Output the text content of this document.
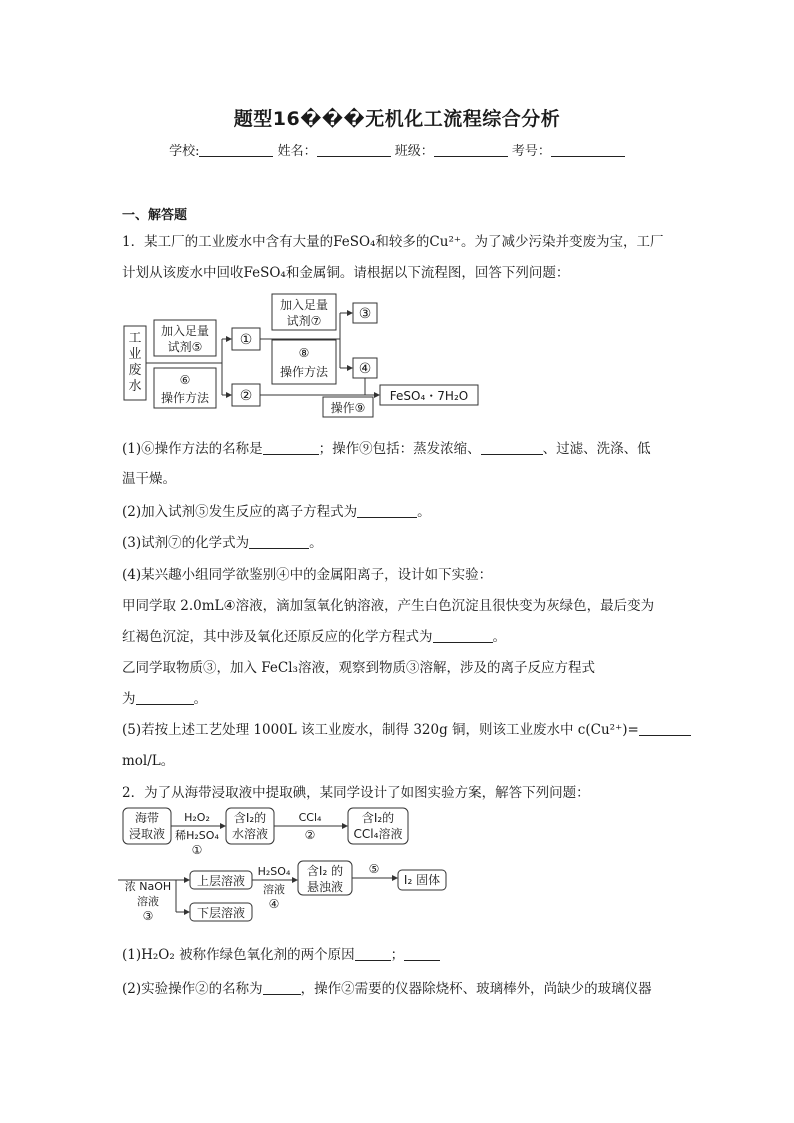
题型16���无机化工流程综合分析
学校:	姓名：	班级：	考号：
一、解答题
1．某工厂的工业废水中含有大量的FeSO₄和较多的Cu²⁺。为了减少污染并变废为宝，工厂
计划从该废水中回收FeSO₄和金属铜。请根据以下流程图，回答下列问题：
工
业
废
水
加入足量
试剂⑤
⑥
操作方法
①
②
加入足量
试剂⑦
⑧
操作方法
③
④
操作⑨
FeSO₄・7H₂O
(1)⑥操作方法的名称是	；操作⑨包括：蒸发浓缩、	、过滤、洗涤、低
温干燥。
(2)加入试剂⑤发生反应的离子方程式为	。
(3)试剂⑦的化学式为	。
(4)某兴趣小组同学欲鉴别④中的金属阳离子，设计如下实验：
甲同学取 2.0mL④溶液，滴加氢氧化钠溶液，产生白色沉淀且很快变为灰绿色，最后变为
红褐色沉淀，其中涉及氧化还原反应的化学方程式为	。
乙同学取物质③，加入 FeCl₃溶液，观察到物质③溶解，涉及的离子反应方程式
为	。
(5)若按上述工艺处理 1000L 该工业废水，制得 320g 铜，则该工业废水中 c(Cu²⁺)=
mol/L。
2．为了从海带浸取液中提取碘，某同学设计了如图实验方案，解答下列问题：
海带
浸取液
H₂O₂
稀H₂SO₄
①
含I₂的
水溶液
CCl₄
②
含I₂的
CCl₄溶液
浓 NaOH
溶液
③
上层溶液
下层溶液
H₂SO₄
溶液
④
含I₂ 的
悬浊液
⑤
I₂ 固体
(1)H₂O₂ 被称作绿色氧化剂的两个原因	；
(2)实验操作②的名称为	，操作②需要的仪器除烧杯、玻璃棒外，尚缺少的玻璃仪器
